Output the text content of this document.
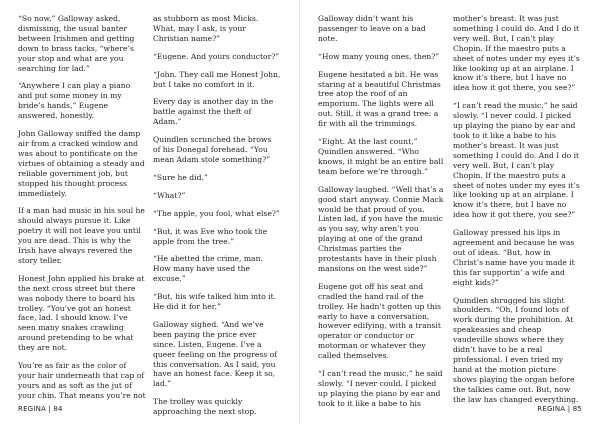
“So now,” Galloway asked, dismissing, the usual banter between Irishmen and getting down to brass tacks, “where’s your stop and what are you searching for lad.”

“Anywhere I can play a piano and put some money in my bride’s hands,” Eugene answered, honestly.

John Galloway sniffed the damp air from a cracked window and was about to pontificate on the virtues of obtaining a steady and reliable government job, but stopped his thought process immediately.

If a man had music in his soul he should always pursue it. Like poetry it will not leave you until you are dead. This is why the Irish have always revered the story teller.

Honest John applied his brake at the next cross street but there was nobody there to board his trolley. “You’ve got an honest face, lad. I should know. I’ve seen many snakes crawling around pretending to be what they are not.

You’re as fair as the color of your hair underneath that cap of yours and as soft as the jut of your chin. That means you’re not

as stubborn as most Micks. What, may I ask, is your Christian name?”

“Eugene. And yours conductor?”

“John. They call me Honest John, but I take no comfort in it.

Every day is another day in the battle against the theft of Adam.”

Quindlen scrunched the brows of his Donegal forehead. “You mean Adam stole something?”

“Sure he did.”

“What?”

“The apple, you fool, what else?”

“But, it was Eve who took the apple from the tree.”

“He abetted the crime, man. How many have used the excuse.”

“But, his wife talked him into it. He did it for her.”

Galloway sighed. “And we’ve been paying the price ever since. Listen, Eugene. I’ve a queer feeling on the progress of this conversation. As I said, you have an honest face. Keep it so, lad.”

The trolley was quickly approaching the next stop.

REGINA | 84

Galloway didn’t want his passenger to leave on a bad note.

“How many young ones, then?”

Eugene hesitated a bit. He was staring at a beautiful Christmas tree atop the roof of an emporium. The lights were all out. Still, it was a grand tree: a fir with all the trimmings.

“Eight. At the last count,” Quindlen answered. “Who knows, it might be an entire ball team before we’re through.”

Galloway laughed. “Well that’s a good start anyway. Connie Mack would be that proud of you. Listen lad, if you have the music as you say, why aren’t you playing at one of the grand Christmas parties the protestants have in their plush mansions on the west side?”

Eugene got off his seat and cradled the hand rail of the trolley. He hadn’t gotten up this early to have a conversation, however edifying, with a transit operator or conductor or motorman or whatever they called themselves.

“I can’t read the music,” he said slowly. “I never could. I picked up playing the piano by ear and took to it like a babe to his

mother’s breast. It was just something I could do. And I do it very well. But, I can’t play Chopin. If the maestro puts a sheet of notes under my eyes it’s like looking up at an airplane. I know it’s there, but I have no idea how it got there, you see?”

“I can’t read the music,” he said slowly. “I never could. I picked up playing the piano by ear and took to it like a babe to his mother’s breast. It was just something I could do. And I do it very well. But, I can’t play Chopin. If the maestro puts a sheet of notes under my eyes it’s like looking up at an airplane. I know it’s there, but I have no idea how it got there, you see?”

Galloway pressed his lips in agreement and because he was out of ideas. “But, how in Christ’s name have you made it this far supportin’ a wife and eight kids?”

Quindlen shrugged his slight shoulders. “Oh, I found lots of work during the prohibition. At speakeasies and cheap vaudeville shows where they didn’t have to be a real professional. I even tried my hand at the motion picture shows playing the organ before the talkies came out. But, now the law has changed everything.

REGINA | 85
